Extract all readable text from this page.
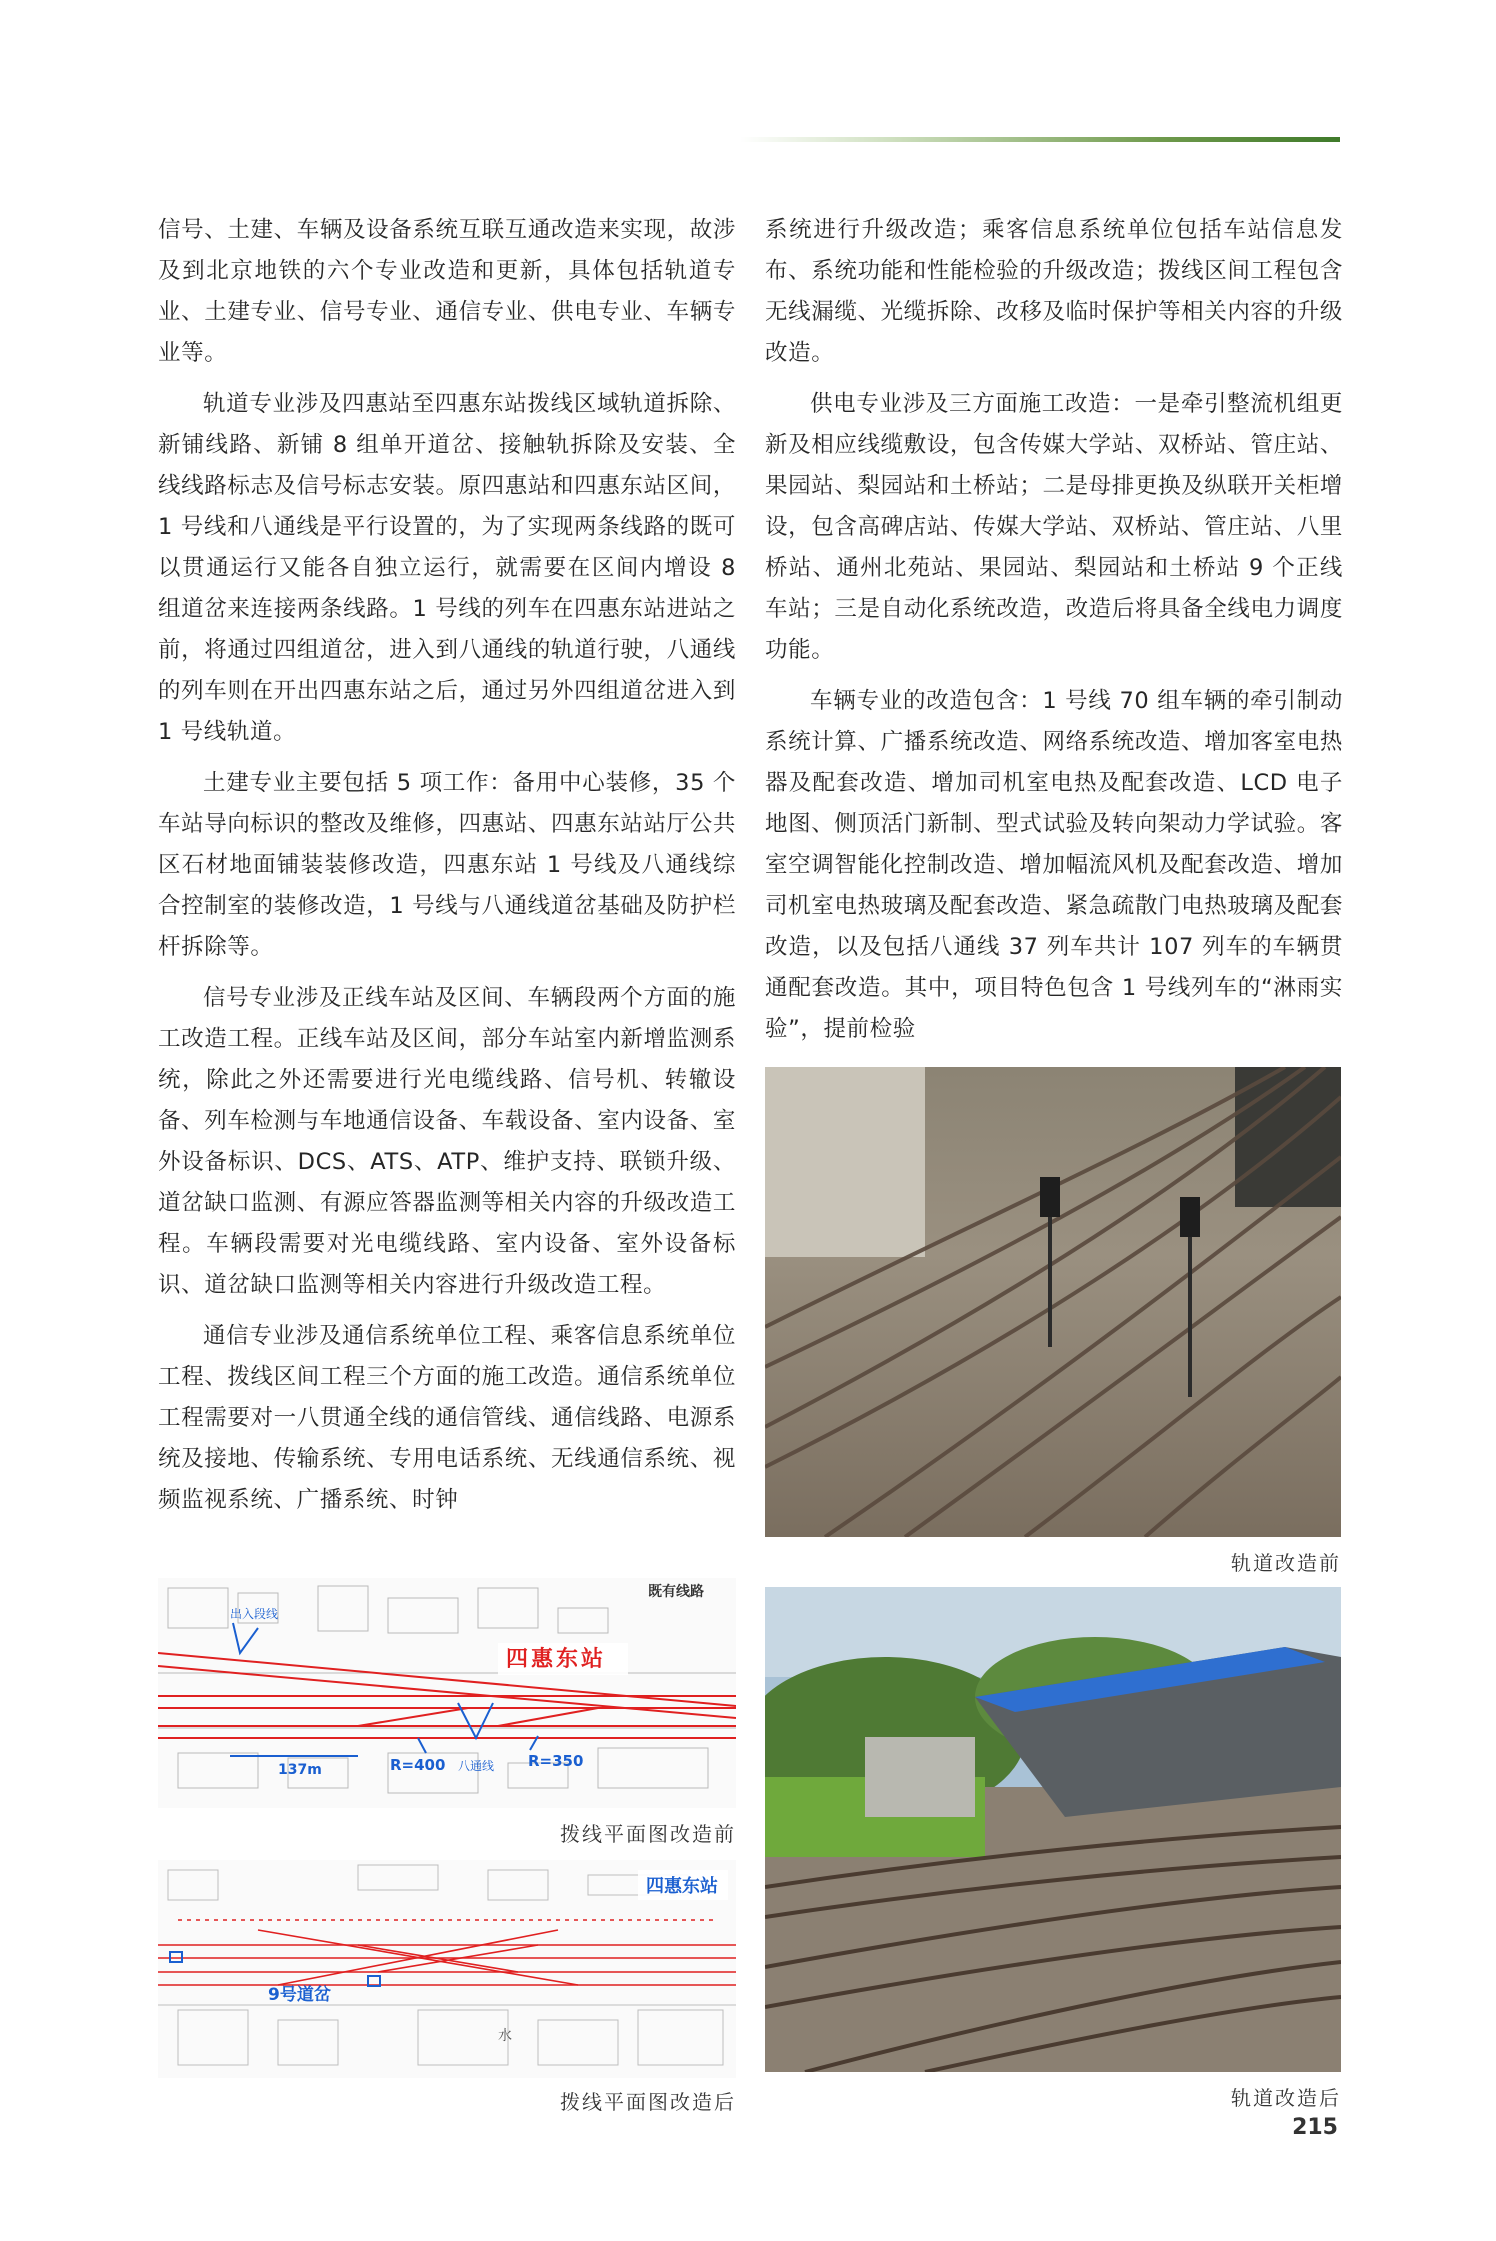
信号、土建、车辆及设备系统互联互通改造来实现，故涉及到北京地铁的六个专业改造和更新，具体包括轨道专业、土建专业、信号专业、通信专业、供电专业、车辆专业等。

轨道专业涉及四惠站至四惠东站拨线区域轨道拆除、新铺线路、新铺 8 组单开道岔、接触轨拆除及安装、全线线路标志及信号标志安装。原四惠站和四惠东站区间，1 号线和八通线是平行设置的，为了实现两条线路的既可以贯通运行又能各自独立运行，就需要在区间内增设 8 组道岔来连接两条线路。1 号线的列车在四惠东站进站之前，将通过四组道岔，进入到八通线的轨道行驶，八通线的列车则在开出四惠东站之后，通过另外四组道岔进入到 1 号线轨道。

土建专业主要包括 5 项工作：备用中心装修，35 个车站导向标识的整改及维修，四惠站、四惠东站站厅公共区石材地面铺装装修改造，四惠东站 1 号线及八通线综合控制室的装修改造，1 号线与八通线道岔基础及防护栏杆拆除等。

信号专业涉及正线车站及区间、车辆段两个方面的施工改造工程。正线车站及区间，部分车站室内新增监测系统，除此之外还需要进行光电缆线路、信号机、转辙设备、列车检测与车地通信设备、车载设备、室内设备、室外设备标识、DCS、ATS、ATP、维护支持、联锁升级、道岔缺口监测、有源应答器监测等相关内容的升级改造工程。车辆段需要对光电缆线路、室内设备、室外设备标识、道岔缺口监测等相关内容进行升级改造工程。

通信专业涉及通信系统单位工程、乘客信息系统单位工程、拨线区间工程三个方面的施工改造。通信系统单位工程需要对一八贯通全线的通信管线、通信线路、电源系统及接地、传输系统、专用电话系统、无线通信系统、视频监视系统、广播系统、时钟

系统进行升级改造；乘客信息系统单位包括车站信息发布、系统功能和性能检验的升级改造；拨线区间工程包含无线漏缆、光缆拆除、改移及临时保护等相关内容的升级改造。

供电专业涉及三方面施工改造：一是牵引整流机组更新及相应线缆敷设，包含传媒大学站、双桥站、管庄站、果园站、梨园站和土桥站；二是母排更换及纵联开关柜增设，包含高碑店站、传媒大学站、双桥站、管庄站、八里桥站、通州北苑站、果园站、梨园站和土桥站 9 个正线车站；三是自动化系统改造，改造后将具备全线电力调度功能。

车辆专业的改造包含：1 号线 70 组车辆的牵引制动系统计算、广播系统改造、网络系统改造、增加客室电热器及配套改造、增加司机室电热及配套改造、LCD 电子地图、侧顶活门新制、型式试验及转向架动力学试验。客室空调智能化控制改造、增加幅流风机及配套改造、增加司机室电热玻璃及配套改造、紧急疏散门电热玻璃及配套改造，以及包括八通线 37 列车共计 107 列车的车辆贯通配套改造。其中，项目特色包含 1 号线列车的“淋雨实验”，提前检验

既有线路
出入段线
四惠东站
137m	R=400 八通线 R=350
拨线平面图改造前
四惠东站
9号道岔
水
拨线平面图改造后
轨道改造前
轨道改造后
215
